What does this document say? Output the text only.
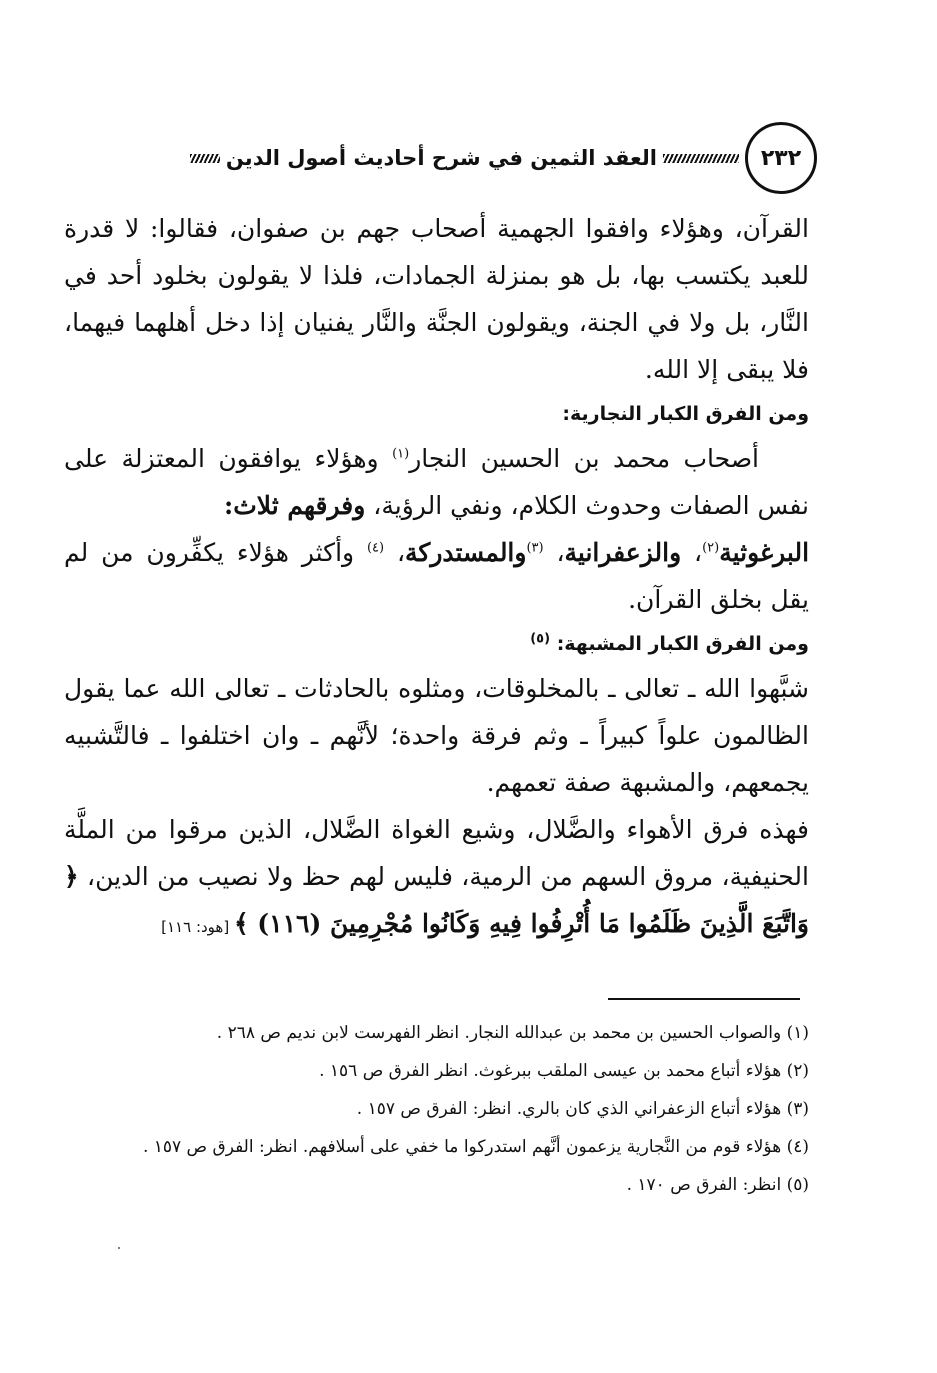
٢٣٢
العقد الثمين في شرح أحاديث أصول الدين

القرآن، وهؤلاء وافقوا الجهمية أصحاب جهم بن صفوان، فقالوا: لا قدرة للعبد يكتسب بها، بل هو بمنزلة الجمادات، فلذا لا يقولون بخلود أحد في النَّار، بل ولا في الجنة، ويقولون الجنَّة والنَّار يفنيان إذا دخل أهلهما فيهما، فلا يبقى إلا الله.

ومن الفرق الكبار النجارية:

أصحاب محمد بن الحسين النجار$^{(١)}$ وهؤلاء يوافقون المعتزلة على نفس الصفات وحدوث الكلام، ونفي الرؤية، وفرقهم ثلاث:

البرغوثية$^{(٢)}$، والزعفرانية، $^{(٣)}$والمستدركة، $^{(٤)}$ وأكثر هؤلاء يكفِّرون من لم يقل بخلق القرآن.

ومن الفرق الكبار المشبهة: $^{(٥)}$

شبَّهوا الله ـ تعالى ـ بالمخلوقات، ومثلوه بالحادثات ـ تعالى الله عما يقول الظالمون علواً كبيراً ـ وثم فرقة واحدة؛ لأنَّهم ـ وان اختلفوا ـ فالتَّشبيه يجمعهم، والمشبهة صفة تعمهم.

فهذه فرق الأهواء والضَّلال، وشيع الغواة الضَّلال، الذين مرقوا من الملَّة الحنيفية، مروق السهم من الرمية، فليس لهم حظ ولا نصيب من الدين، ﴿ وَاتَّبَعَ الَّذِينَ ظَلَمُوا مَا أُتْرِفُوا فِيهِ وَكَانُوا مُجْرِمِينَ (١١٦) ﴾ [هود: ١١٦]

(١) والصواب الحسين بن محمد بن عبدالله النجار. انظر الفهرست لابن نديم ص ٢٦٨ .

(٢) هؤلاء أتباع محمد بن عيسى الملقب ببرغوث. انظر الفرق ص ١٥٦ .

(٣) هؤلاء أتباع الزعفراني الذي كان بالري. انظر: الفرق ص ١٥٧ .

(٤) هؤلاء قوم من النَّجارية يزعمون أنَّهم استدركوا ما خفي على أسلافهم. انظر: الفرق ص ١٥٧ .

(٥) انظر: الفرق ص ١٧٠ .
